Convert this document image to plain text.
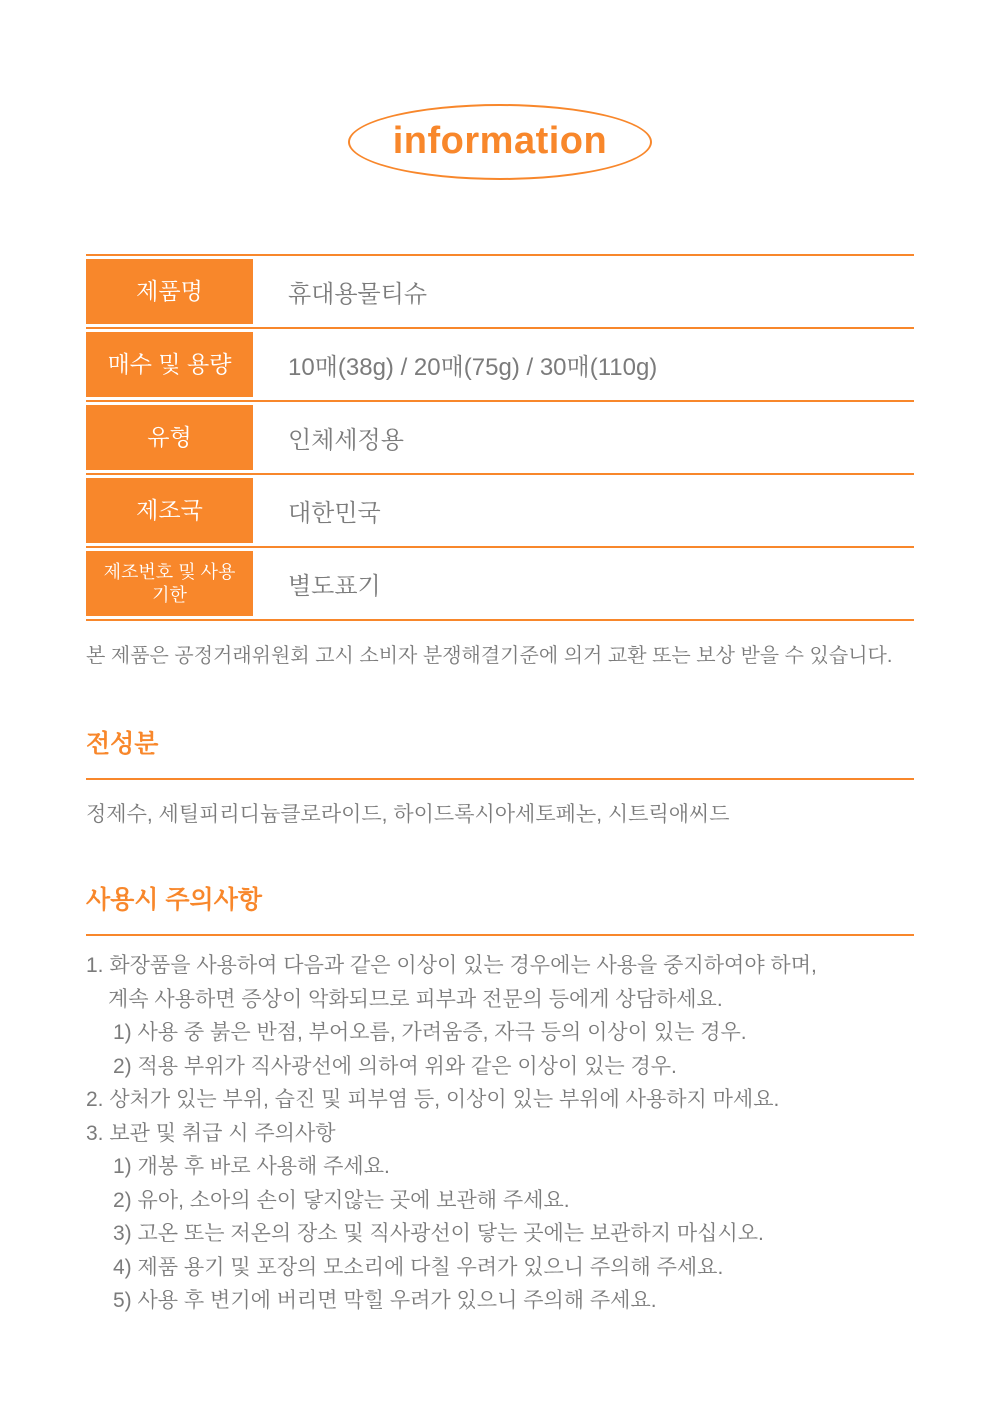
information
제품명	휴대용물티슈
매수 및 용량	10매(38g) / 20매(75g) / 30매(110g)
유형	인체세정용
제조국	대한민국
제조번호 및 사용기한	별도표기
본 제품은 공정거래위원회 고시 소비자 분쟁해결기준에 의거 교환 또는 보상 받을 수 있습니다.
전성분
정제수, 세틸피리디늄클로라이드, 하이드록시아세토페논, 시트릭애씨드
사용시 주의사항
1. 화장품을 사용하여 다음과 같은 이상이 있는 경우에는 사용을 중지하여야 하며,
계속 사용하면 증상이 악화되므로 피부과 전문의 등에게 상담하세요.
1) 사용 중 붉은 반점, 부어오름, 가려움증, 자극 등의 이상이 있는 경우.
2) 적용 부위가 직사광선에 의하여 위와 같은 이상이 있는 경우.
2. 상처가 있는 부위, 습진 및 피부염 등, 이상이 있는 부위에 사용하지 마세요.
3. 보관 및 취급 시 주의사항
1) 개봉 후 바로 사용해 주세요.
2) 유아, 소아의 손이 닿지않는 곳에 보관해 주세요.
3) 고온 또는 저온의 장소 및 직사광선이 닿는 곳에는 보관하지 마십시오.
4) 제품 용기 및 포장의 모소리에 다칠 우려가 있으니 주의해 주세요.
5) 사용 후 변기에 버리면 막힐 우려가 있으니 주의해 주세요.
